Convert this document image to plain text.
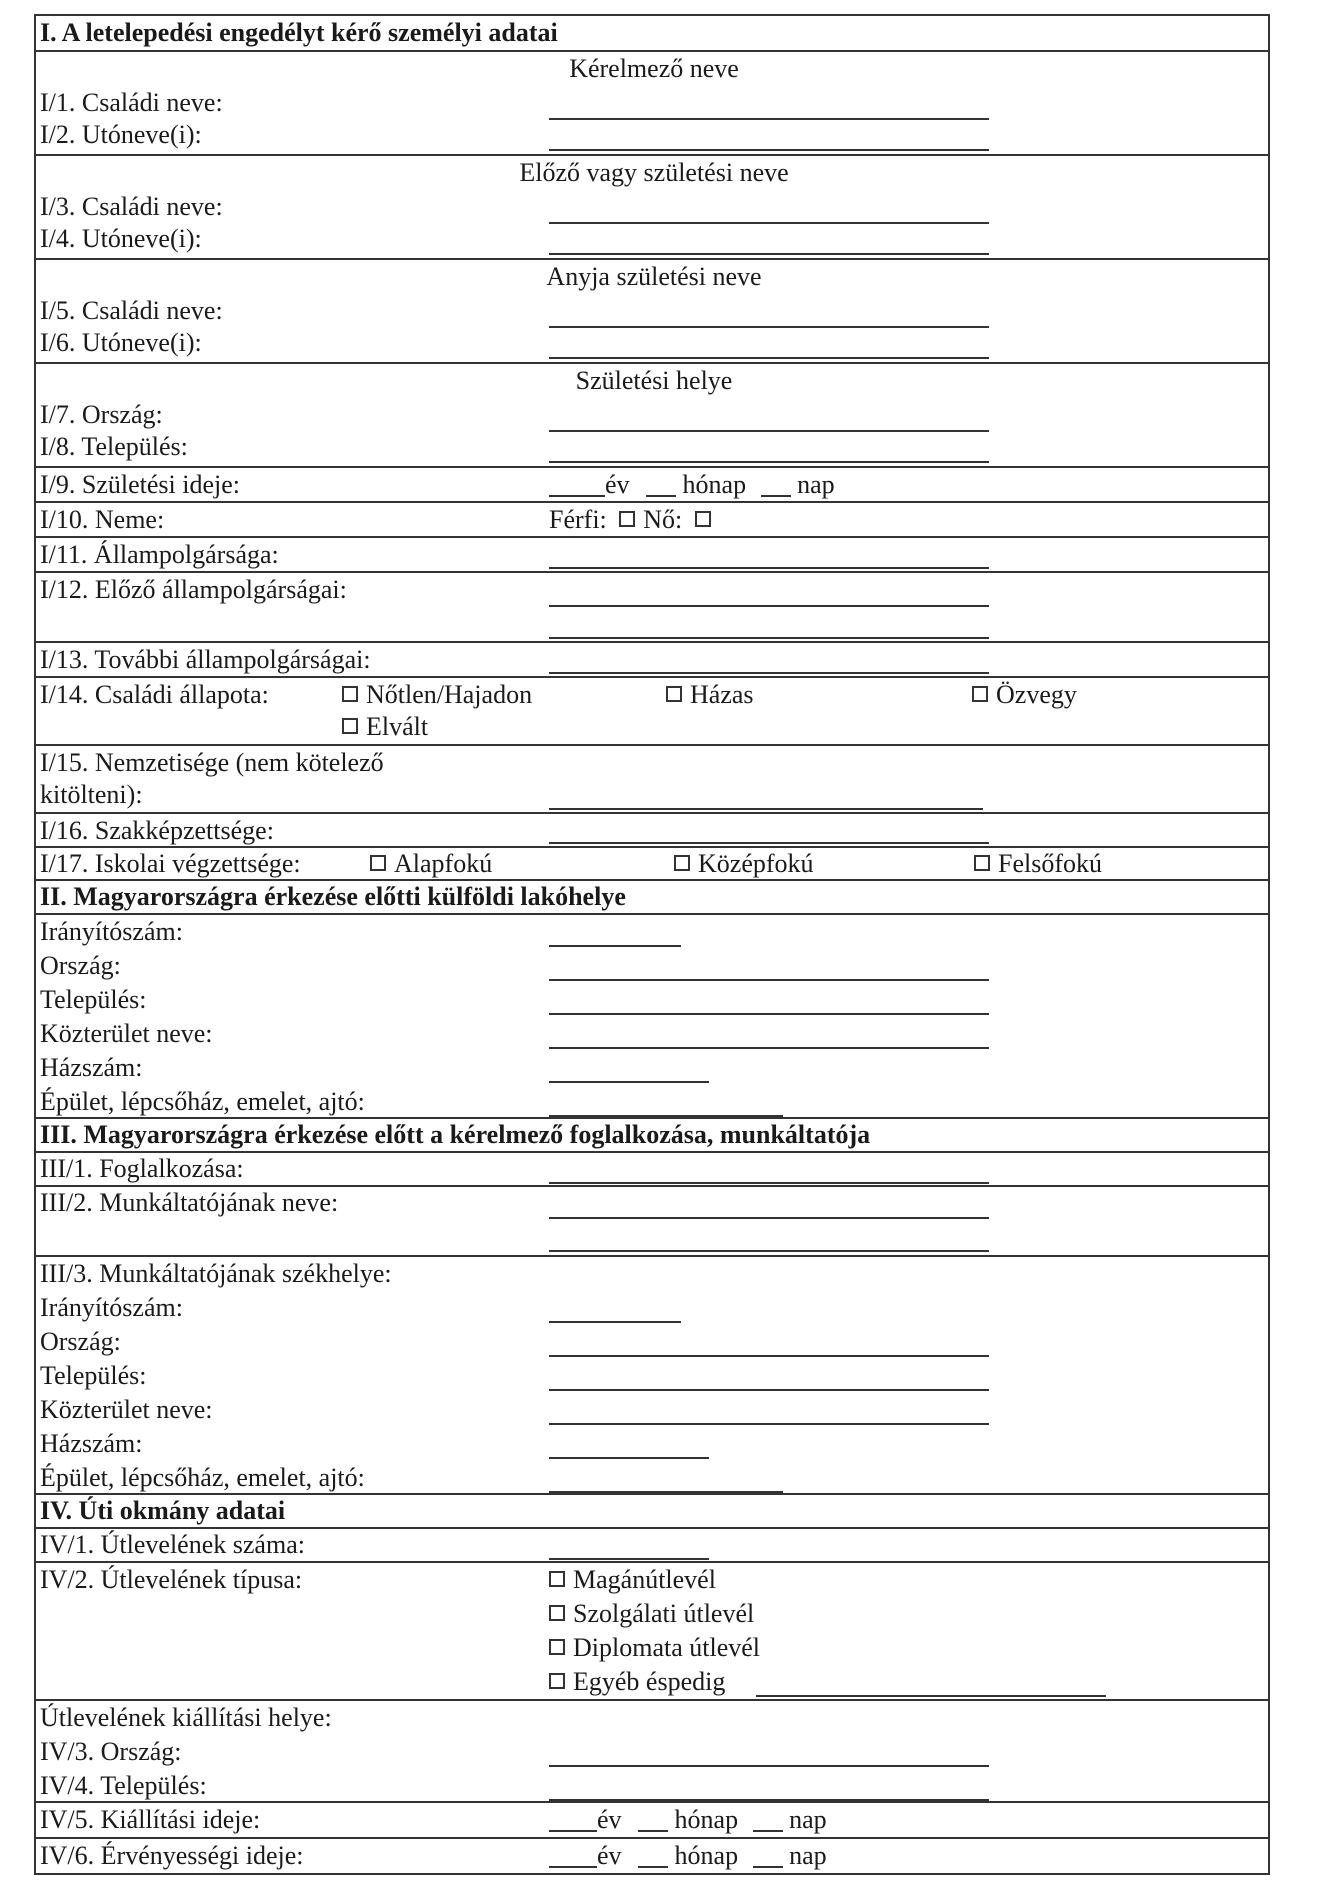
I. A letelepedési engedélyt kérő személyi adatai
Kérelmező neve
I/1. Családi neve:
I/2. Utóneve(i):
Előző vagy születési neve
I/3. Családi neve:
I/4. Utóneve(i):
Anyja születési neve
I/5. Családi neve:
I/6. Utóneve(i):
Születési helye
I/7. Ország:
I/8. Település:
I/9. Születési ideje:	év hónap nap
I/10. Neme:	Férfi: Nő:
I/11. Állampolgársága:
I/12. Előző állampolgárságai:
I/13. További állampolgárságai:
I/14. Családi állapota:	Nőtlen/Hajadon	Házas	Özvegy
Elvált
I/15. Nemzetisége (nem kötelező
kitölteni):
I/16. Szakképzettsége:
I/17. Iskolai végzettsége:	Alapfokú	Középfokú	Felsőfokú
II. Magyarországra érkezése előtti külföldi lakóhelye
Irányítószám:
Ország:
Település:
Közterület neve:
Házszám:
Épület, lépcsőház, emelet, ajtó:
III. Magyarországra érkezése előtt a kérelmező foglalkozása, munkáltatója
III/1. Foglalkozása:
III/2. Munkáltatójának neve:
III/3. Munkáltatójának székhelye:
Irányítószám:
Ország:
Település:
Közterület neve:
Házszám:
Épület, lépcsőház, emelet, ajtó:
IV. Úti okmány adatai
IV/1. Útlevelének száma:
IV/2. Útlevelének típusa:	Magánútlevél
Szolgálati útlevél
Diplomata útlevél
Egyéb éspedig
Útlevelének kiállítási helye:
IV/3. Ország:
IV/4. Település:
IV/5. Kiállítási ideje:	év hónap nap
IV/6. Érvényességi ideje:	év hónap nap
